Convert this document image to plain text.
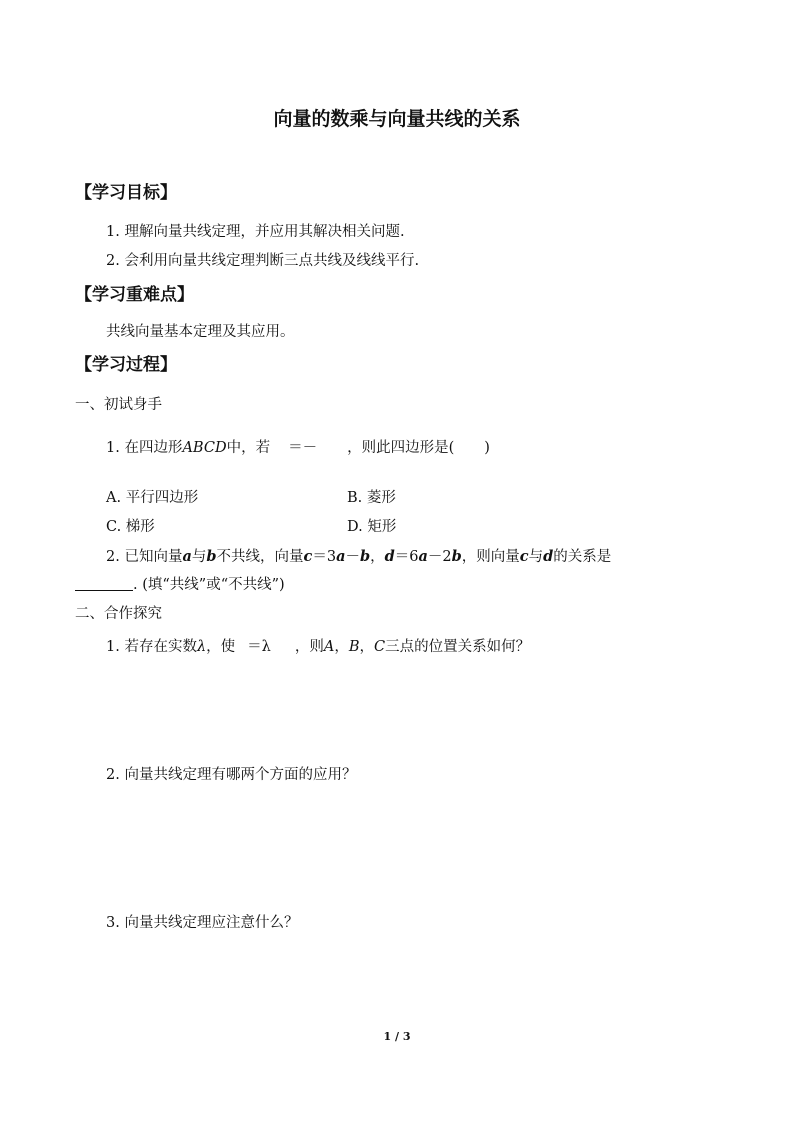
向量的数乘与向量共线的关系
【学习目标】
1. 理解向量共线定理，并应用其解决相关问题.
2. 会利用向量共线定理判断三点共线及线线平行.
【学习重难点】
共线向量基本定理及其应用。
【学习过程】
一、初试身手
1. 在四边形ABCD中，若 ＝－ ，则此四边形是( )
A. 平行四边形	B. 菱形
C. 梯形	D. 矩形
2. 已知向量a与b不共线，向量c＝3a－b，d＝6a－2b，则向量c与d的关系是
. (填“共线”或“不共线”)
二、合作探究
1. 若存在实数λ，使 ＝λ ，则A，B，C三点的位置关系如何？
2. 向量共线定理有哪两个方面的应用？
3. 向量共线定理应注意什么？
1 / 3
